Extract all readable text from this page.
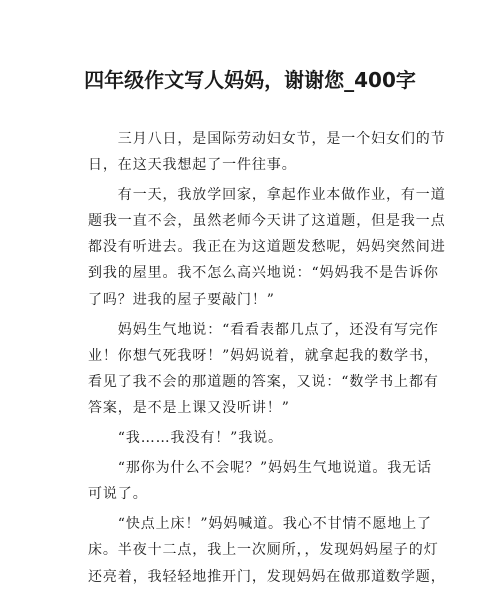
四年级作文写人妈妈，谢谢您_400字
　　三月八日，是国际劳动妇女节，是一个妇女们的节
日，在这天我想起了一件往事。
　　有一天，我放学回家，拿起作业本做作业，有一道
题我一直不会，虽然老师今天讲了这道题，但是我一点
都没有听进去。我正在为这道题发愁呢，妈妈突然间进
到我的屋里。我不怎么高兴地说：“妈妈我不是告诉你
了吗？进我的屋子要敲门！”
　　妈妈生气地说：“看看表都几点了，还没有写完作
业！你想气死我呀！”妈妈说着，就拿起我的数学书，
看见了我不会的那道题的答案，又说：“数学书上都有
答案，是不是上课又没听讲！”
　　“我……我没有！”我说。
　　“那你为什么不会呢？”妈妈生气地说道。我无话
可说了。
　　“快点上床！”妈妈喊道。我心不甘情不愿地上了
床。半夜十二点，我上一次厕所，，发现妈妈屋子的灯
还亮着，我轻轻地推开门，发现妈妈在做那道数学题，
